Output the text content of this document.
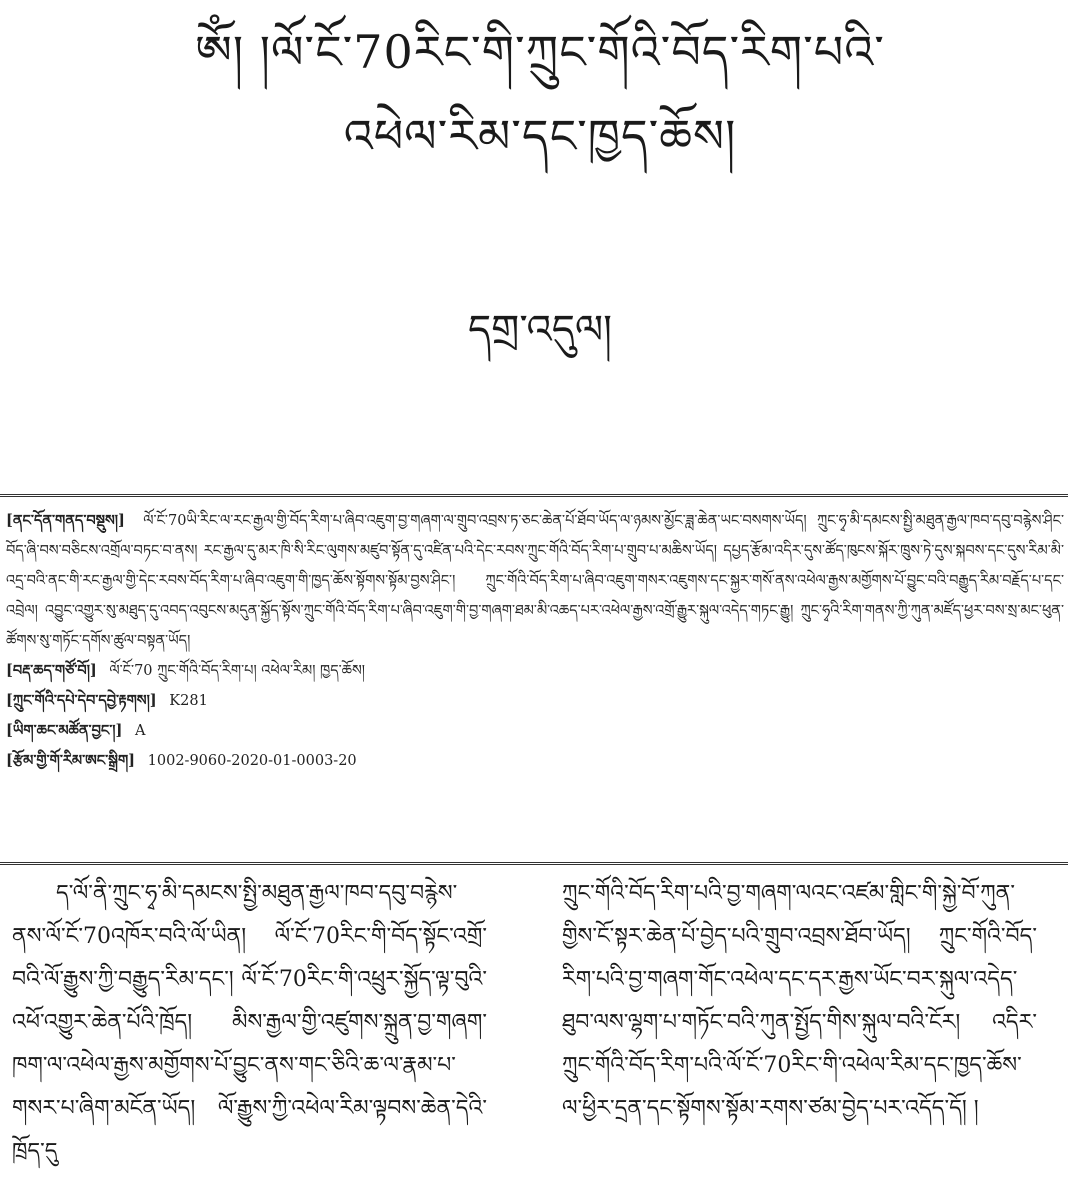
ཨོཾ། །ལོ་ངོ་70རིང་གི་ཀྲུང་གོའི་བོད་རིག་པའི་
འཕེལ་རིམ་དང་ཁྱད་ཆོས།
དགྲ་འདུལ།
[ནང་དོན་གནད་བསྡུས།] ལོ་ངོ་70ཡི་རིང་ལ་རང་རྒྱལ་གྱི་བོད་རིག་པ་ཞིབ་འཇུག་བྱ་གཞག་ལ་གྲུབ་འབྲས་ཏ་ཅང་ཆེན་པོ་ཐོབ་ཡོད་ལ་ཉམས་མྱོང་ཟླ་ཆེན་ཡང་བསགས་ཡོད། ཀྲུང་ཧྭ་མི་དམངས་སྤྱི་མཐུན་རྒྱལ་ཁབ་དབུ་བརྙེས་ཤིང་བོད་ཞི་བས་བཅིངས་འགྲོལ་བཏང་བ་ནས། རང་རྒྱལ་དུ་མར་ཁི་སི་རིང་ལུགས་མཛུབ་སྟོན་དུ་འཛིན་པའི་དེང་རབས་ཀྲུང་གོའི་བོད་རིག་པ་གྲུབ་པ་མཆིས་ཡོད། དཔྱད་རྩོམ་འདིར་དུས་ཚོད་ཁུངས་སྐོར་ཁྲུས་ཏེ་དུས་སྐབས་དང་དུས་རིམ་མི་འདྲ་བའི་ནང་གི་རང་རྒྱལ་གྱི་དེང་རབས་བོད་རིག་པ་ཞིབ་འཇུག་གི་ཁྱད་ཆོས་སྟོགས་སྟོམ་བྱས་ཤིང་། ཀྲུང་གོའི་བོད་རིག་པ་ཞིབ་འཇུག་གསར་འཇུགས་དང་སྐྱར་གསོ་ནས་འཕེལ་རྒྱས་མགྱོགས་པོ་བྱུང་བའི་བརྒྱུད་རིམ་བརྗོད་པ་དང་འབྲེལ། འབྱུང་འགྱུར་སུ་མཐུད་དུ་འབད་འབུངས་མདུན་སྐྱོད་སྟོས་ཀྲུང་གོའི་བོད་རིག་པ་ཞིབ་འཇུག་གི་བྱ་གཞག་ཐམ་མི་འཆད་པར་འཕེལ་རྒྱས་འགྲོ་རྒྱུར་སྐུལ་འདེད་གཏང་རྒྱུ། ཀྲུང་ཧྭའི་རིག་གནས་ཀྱི་ཀུན་མཛོད་ཕྱར་བས་སྲ་མང་ཕུན་ཚོགས་སུ་གཏོང་དགོས་ཚུལ་བསྟན་ཡོད།
[བརྡ་ཆད་གཙོ་བོ།] ལོ་ངོ་70 ཀྲུང་གོའི་བོད་རིག་པ། འཕེལ་རིམ། ཁྱད་ཆོས།
[ཀྲུང་གོའི་དཔེ་དེབ་དབྱེ་རྟགས།] K281
[ཡིག་ཆང་མཚོན་བྱང་།] A
[རྩོམ་གྱི་གོ་རིམ་ཨང་སྒྲིག] 1002-9060-2020-01-0003-20
ད་ལོ་ནི་ཀྲུང་ཧྭ་མི་དམངས་སྤྱི་མཐུན་རྒྱལ་ཁབ་དབུ་བརྙེས་ནས་ལོ་ངོ་70འཁོར་བའི་ལོ་ཡིན། ལོ་ངོ་70རིང་གི་བོད་སྟོང་འགྲོ་བའི་ལོ་རྒྱུས་ཀྱི་བརྒྱུད་རིམ་དང་། ལོ་ངོ་70རིང་གི་འཕྲུར་སྐྱོད་ལྟ་བུའི་འཕོ་འགྱུར་ཆེན་པོའི་ཁྲོད། མིས་རྒྱལ་གྱི་འཛུགས་སྐྲུན་བྱ་གཞག་ཁག་ལ་འཕེལ་རྒྱས་མགྱོགས་པོ་བྱུང་ནས་གང་ཅིའི་ཆ་ལ་རྣམ་པ་གསར་པ་ཞིག་མངོན་ཡོད། ལོ་རྒྱུས་ཀྱི་འཕེལ་རིམ་ལྟབས་ཆེན་དེའི་ཁྲོད་དུ
ཀྲུང་གོའི་བོད་རིག་པའི་བྱ་གཞག་ལའང་འཛམ་གླིང་གི་སྐྱེ་བོ་ཀུན་གྱིས་ངོ་སྟར་ཆེན་པོ་བྱེད་པའི་གྲུབ་འབྲས་ཐོབ་ཡོད། ཀྲུང་གོའི་བོད་རིག་པའི་བྱ་གཞག་གོང་འཕེལ་དང་དར་རྒྱས་ཡོང་བར་སྐུལ་འདེད་ཐུབ་ལས་ལྷག་པ་གཏོང་བའི་ཀུན་སྤྱོད་གིས་སྐུལ་བའི་ངོར། འདིར་ཀྲུང་གོའི་བོད་རིག་པའི་ལོ་ངོ་70རིང་གི་འཕེལ་རིམ་དང་ཁྱད་ཆོས་ལ་ཕྱིར་དྲན་དང་སྟོགས་སྟོམ་རགས་ཙམ་བྱེད་པར་འདོད་དོ། །
